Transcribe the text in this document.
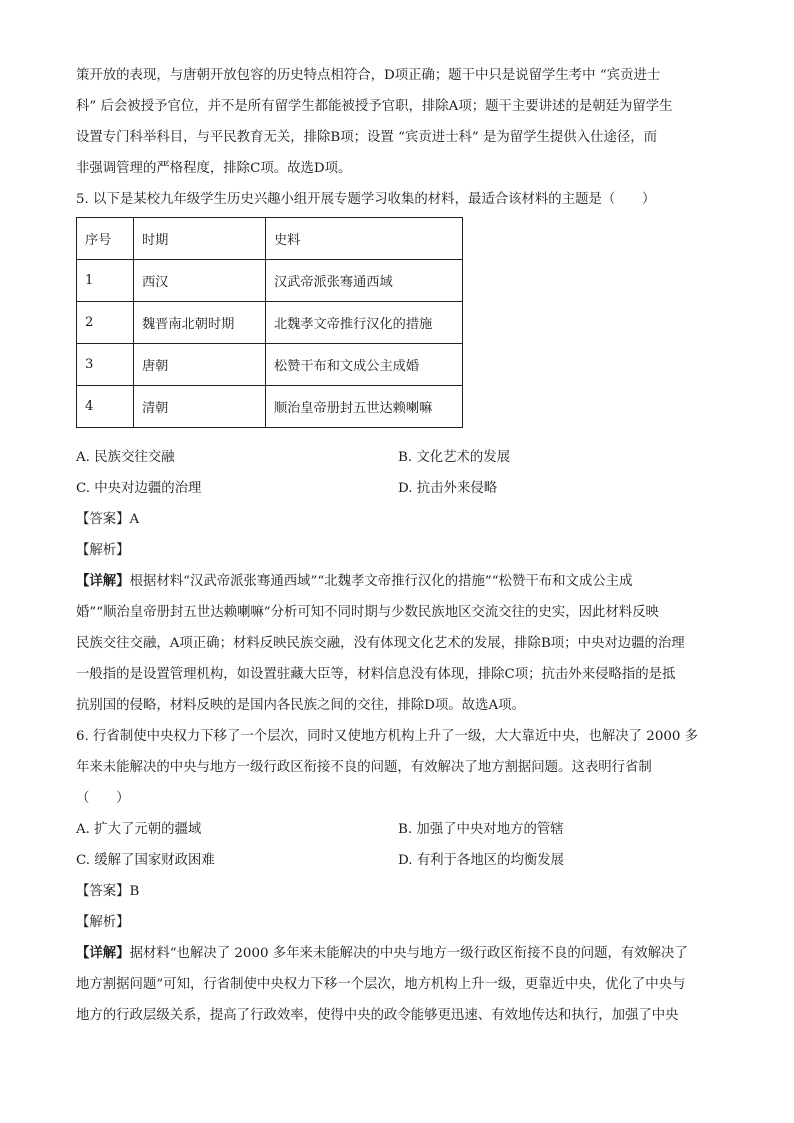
策开放的表现，与唐朝开放包容的历史特点相符合，D项正确；题干中只是说留学生考中 “宾贡进士
科” 后会被授予官位，并不是所有留学生都能被授予官职，排除A项；题干主要讲述的是朝廷为留学生
设置专门科举科目，与平民教育无关，排除B项；设置 “宾贡进士科” 是为留学生提供入仕途径，而
非强调管理的严格程度，排除C项。故选D项。

5. 以下是某校九年级学生历史兴趣小组开展专题学习收集的材料，最适合该材料的主题是（　　）

序号	时期	史料
1	西汉	汉武帝派张骞通西域
2	魏晋南北朝时期	北魏孝文帝推行汉化的措施
3	唐朝	松赞干布和文成公主成婚
4	清朝	顺治皇帝册封五世达赖喇嘛
A. 民族交往交融	B. 文化艺术的发展
C. 中央对边疆的治理	D. 抗击外来侵略
【答案】A
【解析】

【详解】根据材料“汉武帝派张骞通西域”“北魏孝文帝推行汉化的措施”“松赞干布和文成公主成
婚”“顺治皇帝册封五世达赖喇嘛”分析可知不同时期与少数民族地区交流交往的史实，因此材料反映
民族交往交融，A项正确；材料反映民族交融，没有体现文化艺术的发展，排除B项；中央对边疆的治理
一般指的是设置管理机构，如设置驻藏大臣等，材料信息没有体现，排除C项；抗击外来侵略指的是抵
抗别国的侵略，材料反映的是国内各民族之间的交往，排除D项。故选A项。

6. 行省制使中央权力下移了一个层次，同时又使地方机构上升了一级，大大靠近中央，也解决了 2000 多
年来未能解决的中央与地方一级行政区衔接不良的问题，有效解决了地方割据问题。这表明行省制
（　　）

A. 扩大了元朝的疆域	B. 加强了中央对地方的管辖
C. 缓解了国家财政困难	D. 有利于各地区的均衡发展
【答案】B
【解析】

【详解】据材料“也解决了 2000 多年来未能解决的中央与地方一级行政区衔接不良的问题，有效解决了
地方割据问题”可知，行省制使中央权力下移一个层次，地方机构上升一级，更靠近中央，优化了中央与
地方的行政层级关系，提高了行政效率，使得中央的政令能够更迅速、有效地传达和执行，加强了中央
